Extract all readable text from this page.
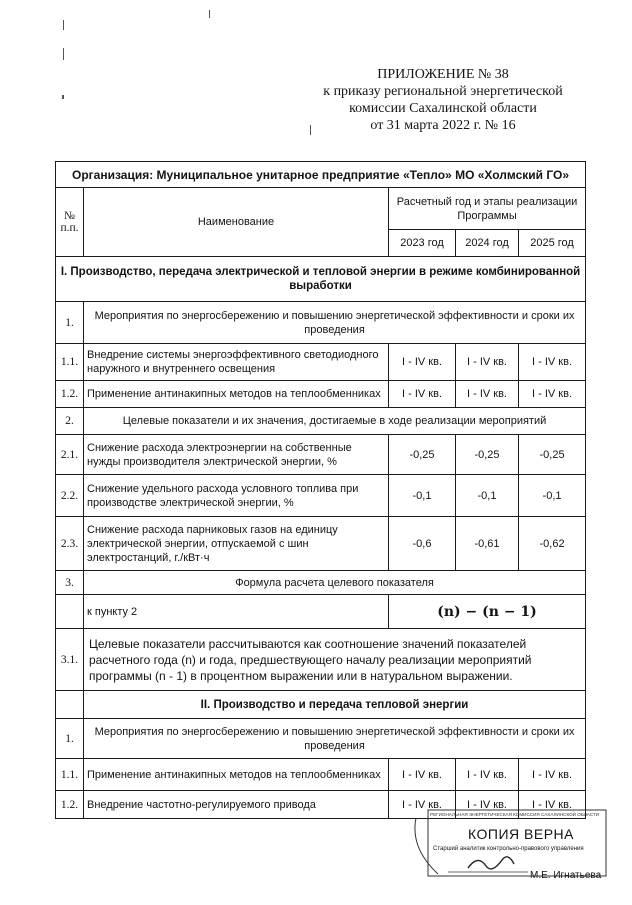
ПРИЛОЖЕНИЕ № 38
к приказу региональной энергетической
комиссии Сахалинской области
от 31 марта 2022 г. № 16
Организация: Муниципальное унитарное предприятие «Тепло» МО «Холмский ГО»				
№ п.п.	Наименование	Расчетный год и этапы реализации Программы		
		2023 год	2024 год	2025 год
I. Производство, передача электрической и тепловой энергии в режиме комбинированной выработки				
1.	Мероприятия по энергосбережению и повышению энергетической эффективности и сроки их проведения			
1.1.	Внедрение системы энергоэффективного светодиодного наружного и внутреннего освещения	I - IV кв.	I - IV кв.	I - IV кв.
1.2.	Применение антинакипных методов на теплообменниках	I - IV кв.	I - IV кв.	I - IV кв.
2.	Целевые показатели и их значения, достигаемые в ходе реализации мероприятий			
2.1.	Снижение расхода электроэнергии на собственные нужды производителя электрической энергии, %	-0,25	-0,25	-0,25
2.2.	Снижение удельного расхода условного топлива при производстве электрической энергии, %	-0,1	-0,1	-0,1
2.3.	Снижение расхода парниковых газов на единицу электрической энергии, отпускаемой с шин электростанций, г./кВт·ч	-0,6	-0,61	-0,62
3.	Формула расчета целевого показателя			
	к пункту 2	(n) − (n − 1)		
3.1.	Целевые показатели рассчитываются как соотношение значений показателей расчетного года (n) и года, предшествующего началу реализации мероприятий программы (n - 1) в процентном выражении или в натуральном выражении.			
	II. Производство и передача тепловой энергии			
1.	Мероприятия по энергосбережению и повышению энергетической эффективности и сроки их проведения			
1.1.	Применение антинакипных методов на теплообменниках	I - IV кв.	I - IV кв.	I - IV кв.
1.2.	Внедрение частотно-регулируемого привода	I - IV кв.	I - IV кв.	I - IV кв.
РЕГИОНАЛЬНАЯ ЭНЕРГЕТИЧЕСКАЯ КОМИССИЯ САХАЛИНСКОЙ ОБЛАСТИ
КОПИЯ ВЕРНА
Старший аналитик контрольно-правового управления
М.Е. Игнатьева
